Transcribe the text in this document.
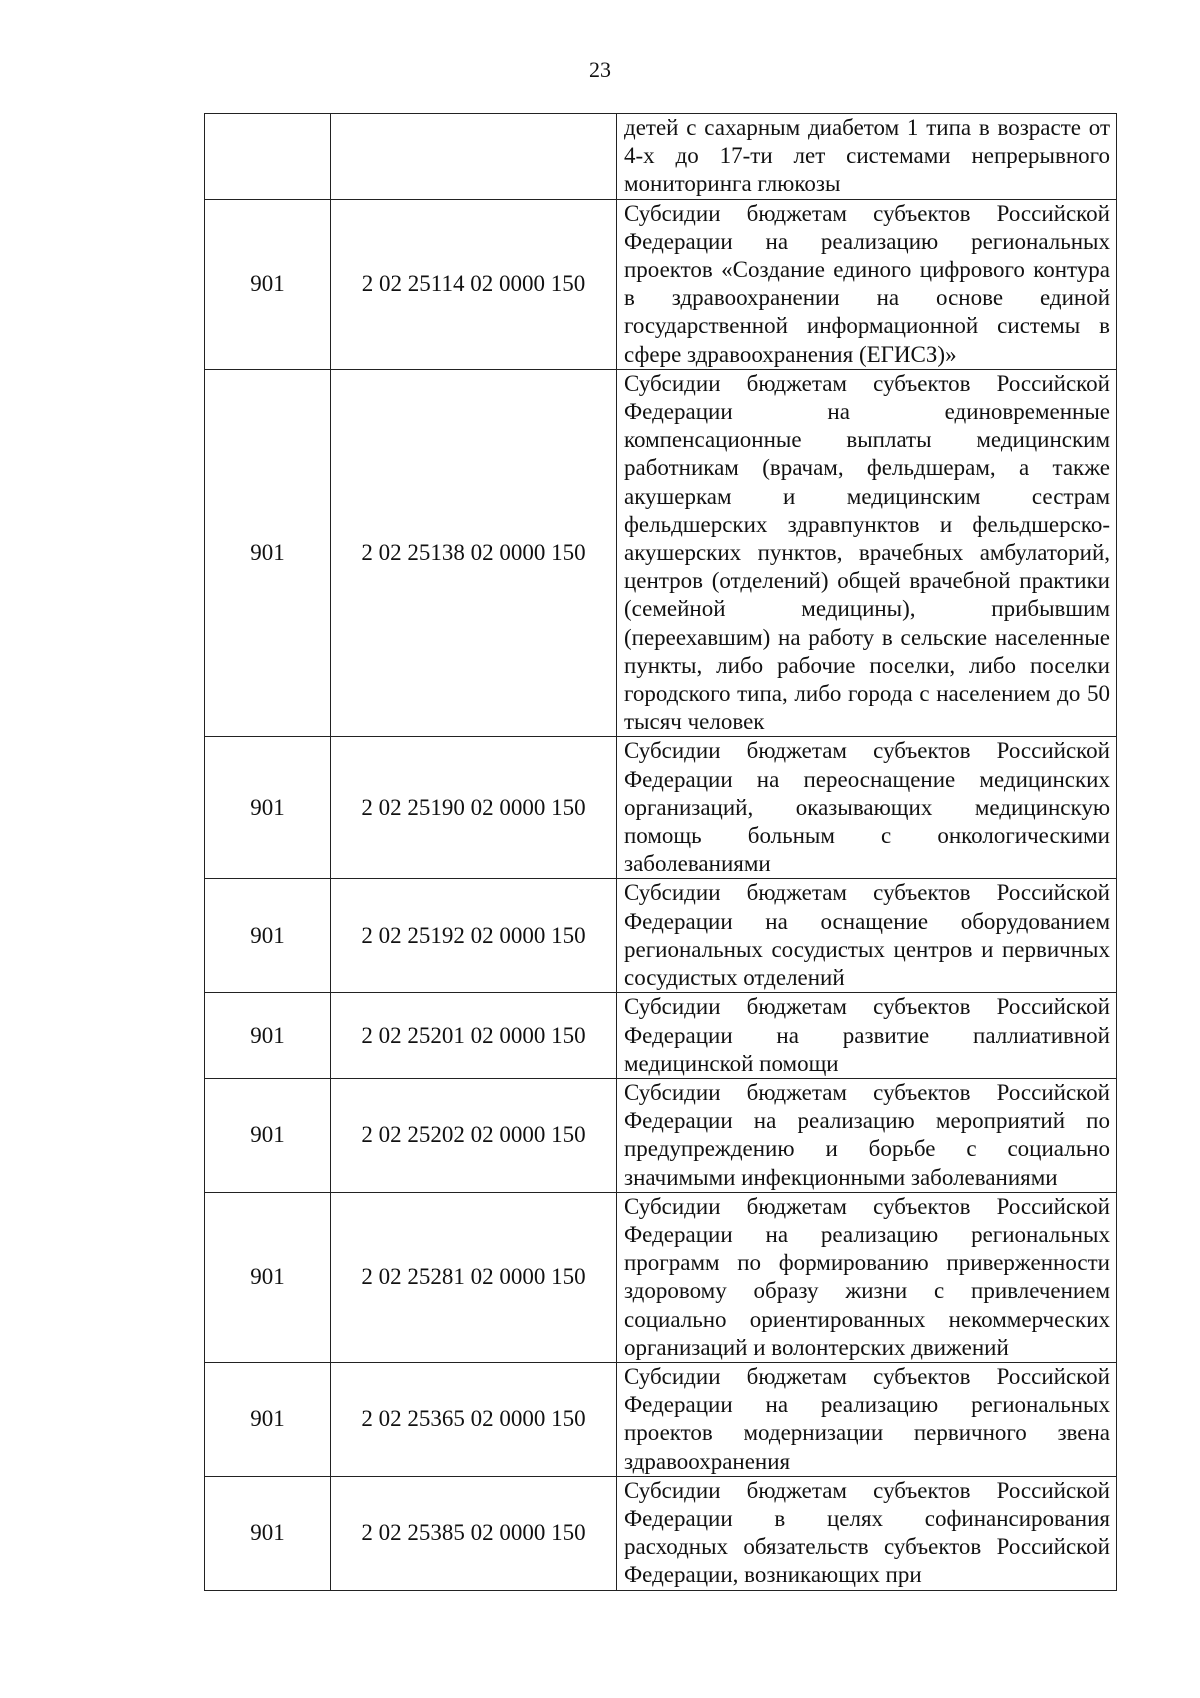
23

		детей с сахарным диабетом 1 типа в возрасте от 4-х до 17-ти лет системами непрерывного мониторинга глюкозы

901	2 02 25114 02 0000 150	Субсидии бюджетам субъектов Российской Федерации на реализацию региональных проектов «Создание единого цифрового контура в здравоохранении на основе единой государственной информационной системы в сфере здравоохранения (ЕГИСЗ)»

901	2 02 25138 02 0000 150	Субсидии бюджетам субъектов Российской Федерации на единовременные компенсационные выплаты медицинским работникам (врачам, фельдшерам, а также акушеркам и медицинским сестрам фельдшерских здравпунктов и фельдшерско-акушерских пунктов, врачебных амбулаторий, центров (отделений) общей врачебной практики (семейной медицины), прибывшим (переехавшим) на работу в сельские населенные пункты, либо рабочие поселки, либо поселки городского типа, либо города с населением до 50 тысяч человек

901	2 02 25190 02 0000 150	Субсидии бюджетам субъектов Российской Федерации на переоснащение медицинских организаций, оказывающих медицинскую помощь больным с онкологическими заболеваниями

901	2 02 25192 02 0000 150	Субсидии бюджетам субъектов Российской Федерации на оснащение оборудованием региональных сосудистых центров и первичных сосудистых отделений

901	2 02 25201 02 0000 150	Субсидии бюджетам субъектов Российской Федерации на развитие паллиативной медицинской помощи

901	2 02 25202 02 0000 150	Субсидии бюджетам субъектов Российской Федерации на реализацию мероприятий по предупреждению и борьбе с социально значимыми инфекционными заболеваниями

901	2 02 25281 02 0000 150	Субсидии бюджетам субъектов Российской Федерации на реализацию региональных программ по формированию приверженности здоровому образу жизни с привлечением социально ориентированных некоммерческих организаций и волонтерских движений

901	2 02 25365 02 0000 150	Субсидии бюджетам субъектов Российской Федерации на реализацию региональных проектов модернизации первичного звена здравоохранения

901	2 02 25385 02 0000 150	Субсидии бюджетам субъектов Российской Федерации в целях софинансирования расходных обязательств субъектов Российской Федерации, возникающих при
